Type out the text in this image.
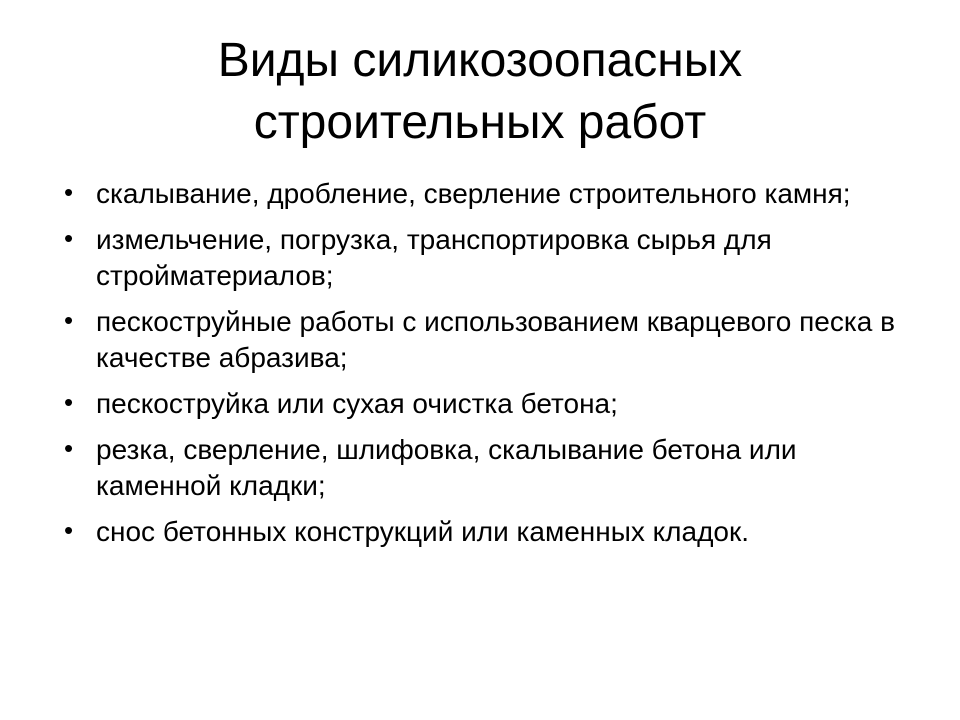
Виды силикозоопасных
строительных работ
• скалывание, дробление, сверление строительного камня;
• измельчение, погрузка, транспортировка сырья для стройматериалов;
• пескоструйные работы с использованием кварцевого песка в качестве абразива;
• пескоструйка или сухая очистка бетона;
• резка, сверление, шлифовка, скалывание бетона или каменной кладки;
• снос бетонных конструкций или каменных кладок.
